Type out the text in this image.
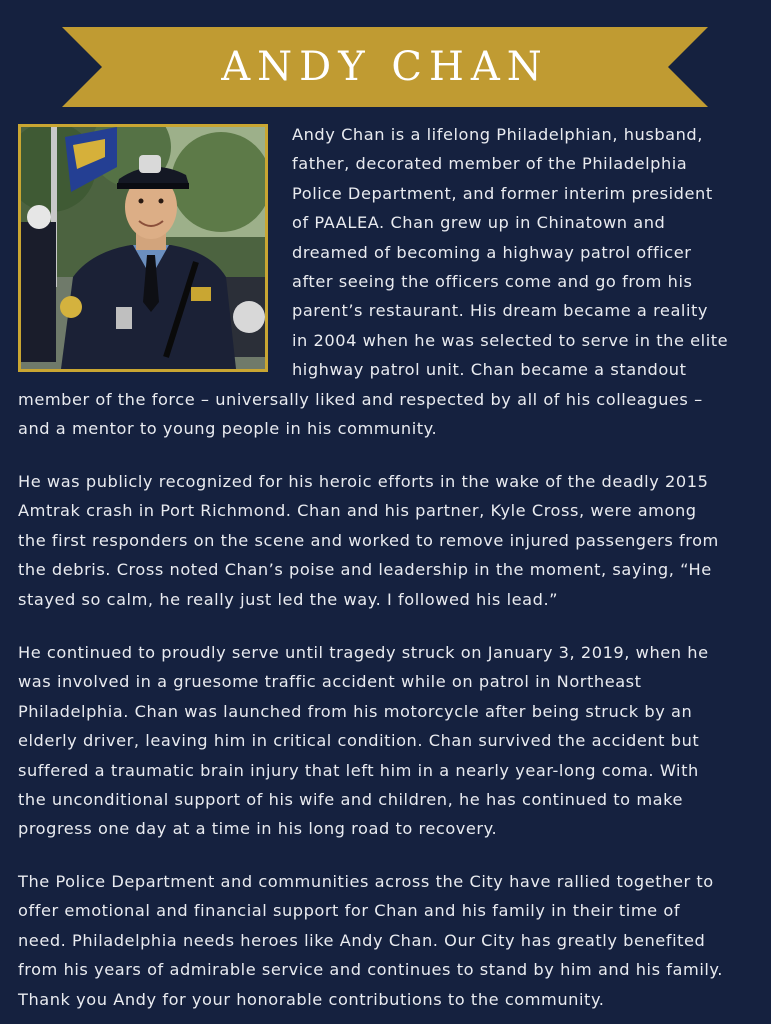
ANDY CHAN
Andy Chan is a lifelong Philadelphian, husband,
father, decorated member of the Philadelphia
Police Department, and former interim president
of PAALEA. Chan grew up in Chinatown and
dreamed of becoming a highway patrol officer
after seeing the officers come and go from his
parent’s restaurant. His dream became a reality
in 2004 when he was selected to serve in the elite
highway patrol unit. Chan became a standout
member of the force – universally liked and respected by all of his colleagues –
and a mentor to young people in his community.
He was publicly recognized for his heroic efforts in the wake of the deadly 2015
Amtrak crash in Port Richmond. Chan and his partner, Kyle Cross, were among
the first responders on the scene and worked to remove injured passengers from
the debris. Cross noted Chan’s poise and leadership in the moment, saying, “He
stayed so calm, he really just led the way. I followed his lead.”
He continued to proudly serve until tragedy struck on January 3, 2019, when he
was involved in a gruesome traffic accident while on patrol in Northeast
Philadelphia. Chan was launched from his motorcycle after being struck by an
elderly driver, leaving him in critical condition. Chan survived the accident but
suffered a traumatic brain injury that left him in a nearly year-long coma. With
the unconditional support of his wife and children, he has continued to make
progress one day at a time in his long road to recovery.
The Police Department and communities across the City have rallied together to
offer emotional and financial support for Chan and his family in their time of
need. Philadelphia needs heroes like Andy Chan. Our City has greatly benefited
from his years of admirable service and continues to stand by him and his family.
Thank you Andy for your honorable contributions to the community.
